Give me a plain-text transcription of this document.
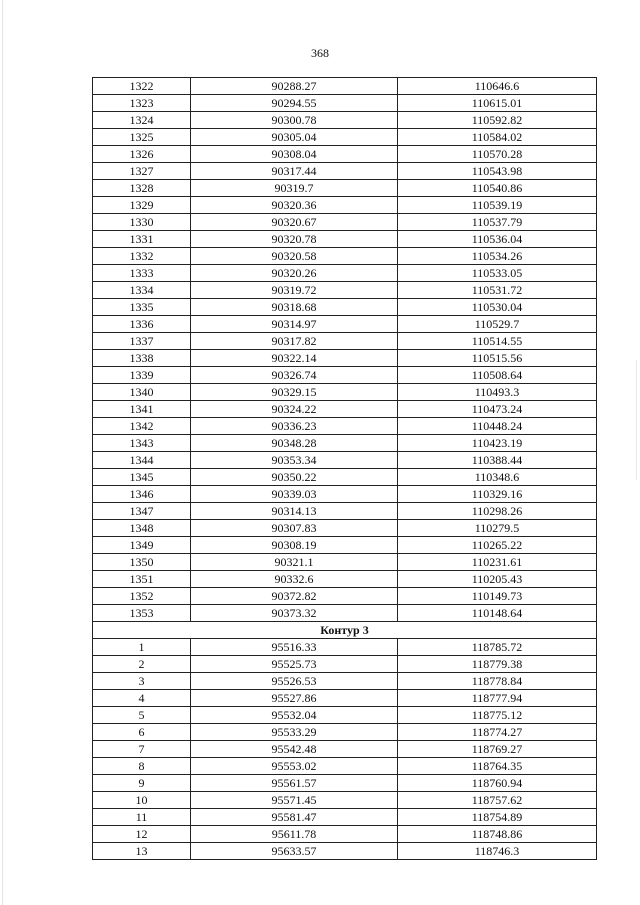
368
1322	90288.27	110646.6
1323	90294.55	110615.01
1324	90300.78	110592.82
1325	90305.04	110584.02
1326	90308.04	110570.28
1327	90317.44	110543.98
1328	90319.7	110540.86
1329	90320.36	110539.19
1330	90320.67	110537.79
1331	90320.78	110536.04
1332	90320.58	110534.26
1333	90320.26	110533.05
1334	90319.72	110531.72
1335	90318.68	110530.04
1336	90314.97	110529.7
1337	90317.82	110514.55
1338	90322.14	110515.56
1339	90326.74	110508.64
1340	90329.15	110493.3
1341	90324.22	110473.24
1342	90336.23	110448.24
1343	90348.28	110423.19
1344	90353.34	110388.44
1345	90350.22	110348.6
1346	90339.03	110329.16
1347	90314.13	110298.26
1348	90307.83	110279.5
1349	90308.19	110265.22
1350	90321.1	110231.61
1351	90332.6	110205.43
1352	90372.82	110149.73
1353	90373.32	110148.64
Контур 3		
1	95516.33	118785.72
2	95525.73	118779.38
3	95526.53	118778.84
4	95527.86	118777.94
5	95532.04	118775.12
6	95533.29	118774.27
7	95542.48	118769.27
8	95553.02	118764.35
9	95561.57	118760.94
10	95571.45	118757.62
11	95581.47	118754.89
12	95611.78	118748.86
13	95633.57	118746.3
